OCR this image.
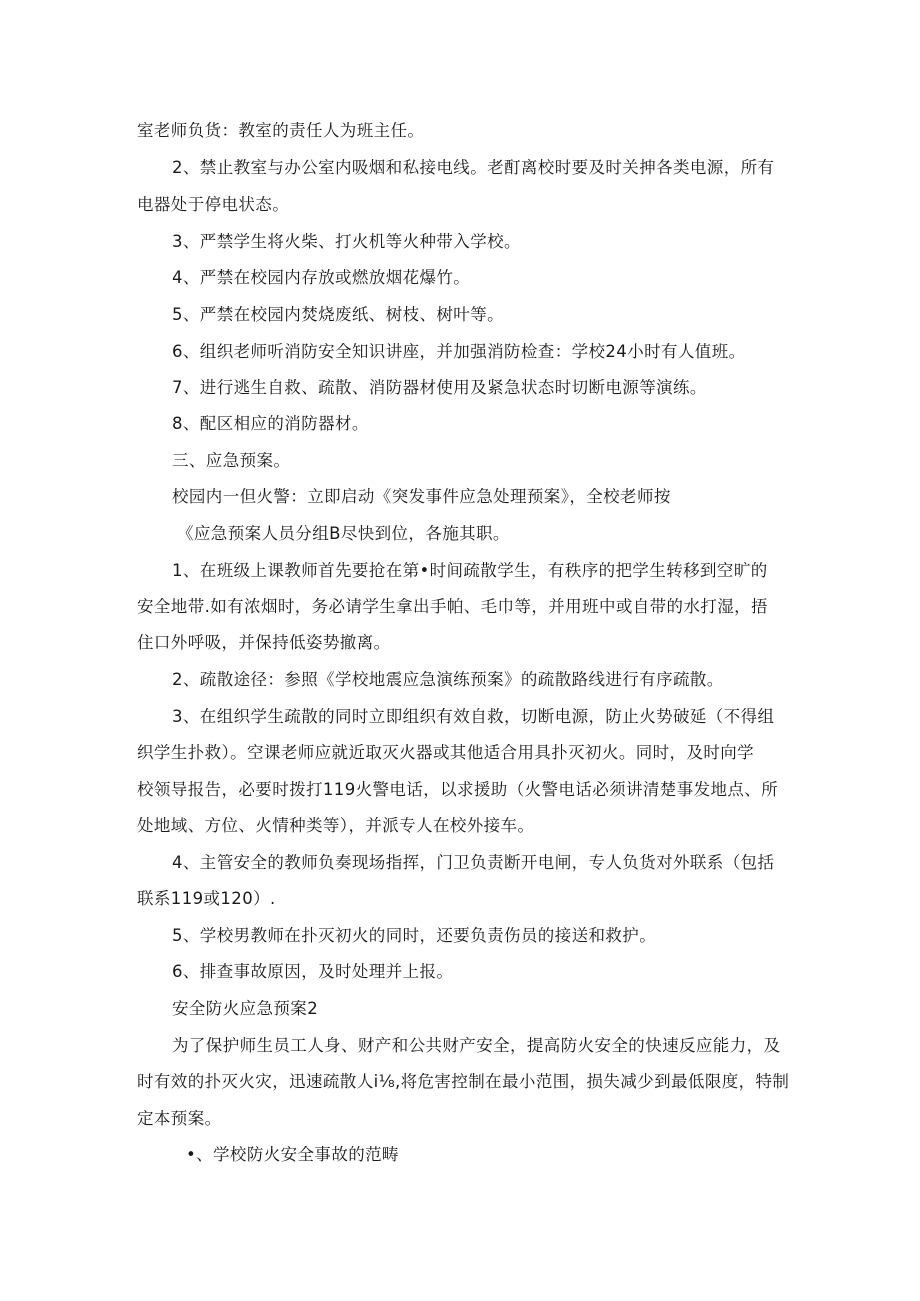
室老师负货：教室的责任人为班主任。
2、禁止教室与办公室内吸烟和私接电线。老酊离校时要及时关抻各类电源，所有
电器处于停电状态。
3、严禁学生将火柴、打火机等火种带入学校。
4、严禁在校园内存放或燃放烟花爆竹。
5、严禁在校园内焚烧废纸、树枝、树叶等。
6、组织老师听消防安全知识讲座，并加强消防检查：学校24小时有人值班。
7、进行逃生自救、疏散、消防器材使用及紧急状态时切断电源等演练。
8、配区相应的消防器材。
三、应急预案。
校园内一但火警：立即启动《突发事件应急处理预案》，全校老师按
《应急预案人员分组B尽快到位，各施其职。
1、在班级上课教师首先要抢在第•时间疏散学生，有秩序的把学生转移到空旷的
安全地带.如有浓烟时，务必请学生拿出手帕、毛巾等，并用班中或自带的水打湿，捂
住口外呼吸，并保持低姿势撤离。
2、疏散途径：参照《学校地震应急演练预案》的疏散路线进行有序疏散。
3、在组织学生疏散的同时立即组织有效自救，切断电源，防止火势破延（不得组
织学生扑救）。空课老师应就近取灭火器或其他适合用具扑灭初火。同时，及时向学
校领导报告，必要时拨打119火警电话，以求援助（火警电话必须讲清楚事发地点、所
处地域、方位、火情种类等），并派专人在校外接车。
4、主管安全的教师负奏现场指挥，门卫负责断开电闸，专人负货对外联系（包括
联系119或120）.
5、学校男教师在扑灭初火的同时，还要负责伤员的接送和救护。
6、排查事故原因，及时处理并上报。
安全防火应急预案2
为了保护师生员工人身、财产和公共财产安全，提高防火安全的快速反应能力，及
时有效的扑灭火灾，迅速疏散人i⅛,将危害控制在最小范围，损失减少到最低限度，特制
定本预案。
•、学校防火安全事故的范畴
